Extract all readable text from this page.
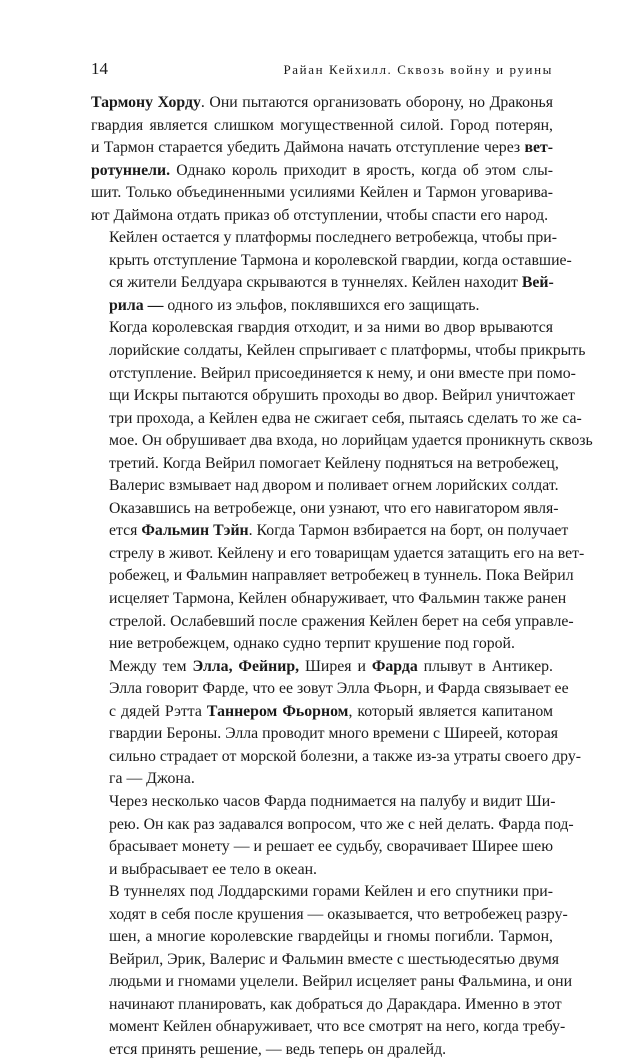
14	Райан Кейхилл. Сквозь войну и руины

Тармону Хорду. Они пытаются организовать оборону, но Драконья
гвардия является слишком могущественной силой. Город потерян,
и Тармон старается убедить Даймона начать отступление через вет-
ротуннели. Однако король приходит в ярость, когда об этом слы-
шит. Только объединенными усилиями Кейлен и Тармон уговарива-
ют Даймона отдать приказ об отступлении, чтобы спасти его народ.

Кейлен остается у платформы последнего ветробежца, чтобы при-
крыть отступление Тармона и королевской гвардии, когда оставшие-
ся жители Белдуара скрываются в туннелях. Кейлен находит Вей-
рила — одного из эльфов, поклявшихся его защищать.

Когда королевская гвардия отходит, и за ними во двор врываются
лорийские солдаты, Кейлен спрыгивает с платформы, чтобы прикрыть
отступление. Вейрил присоединяется к нему, и они вместе при помо-
щи Искры пытаются обрушить проходы во двор. Вейрил уничтожает
три прохода, а Кейлен едва не сжигает себя, пытаясь сделать то же са-
мое. Он обрушивает два входа, но лорийцам удается проникнуть сквозь
третий. Когда Вейрил помогает Кейлену подняться на ветробежец,
Валерис взмывает над двором и поливает огнем лорийских солдат.

Оказавшись на ветробежце, они узнают, что его навигатором явля-
ется Фальмин Тэйн. Когда Тармон взбирается на борт, он получает
стрелу в живот. Кейлену и его товарищам удается затащить его на вет-
робежец, и Фальмин направляет ветробежец в туннель. Пока Вейрил
исцеляет Тармона, Кейлен обнаруживает, что Фальмин также ранен
стрелой. Ослабевший после сражения Кейлен берет на себя управле-
ние ветробежцем, однако судно терпит крушение под горой.

Между тем Элла, Фейнир, Ширея и Фарда плывут в Антикер.
Элла говорит Фарде, что ее зовут Элла Фьорн, и Фарда связывает ее
с дядей Рэтта Таннером Фьорном, который является капитаном
гвардии Бероны. Элла проводит много времени с Ширеей, которая
сильно страдает от морской болезни, а также из-за утраты своего дру-
га — Джона.

Через несколько часов Фарда поднимается на палубу и видит Ши-
рею. Он как раз задавался вопросом, что же с ней делать. Фарда под-
брасывает монету — и решает ее судьбу, сворачивает Ширее шею
и выбрасывает ее тело в океан.

В туннелях под Лоддарскими горами Кейлен и его спутники при-
ходят в себя после крушения — оказывается, что ветробежец разру-
шен, а многие королевские гвардейцы и гномы погибли. Тармон,
Вейрил, Эрик, Валерис и Фальмин вместе с шестьюдесятью двумя
людьми и гномами уцелели. Вейрил исцеляет раны Фальмина, и они
начинают планировать, как добраться до Даракдара. Именно в этот
момент Кейлен обнаруживает, что все смотрят на него, когда требу-
ется принять решение, — ведь теперь он дралейд.
